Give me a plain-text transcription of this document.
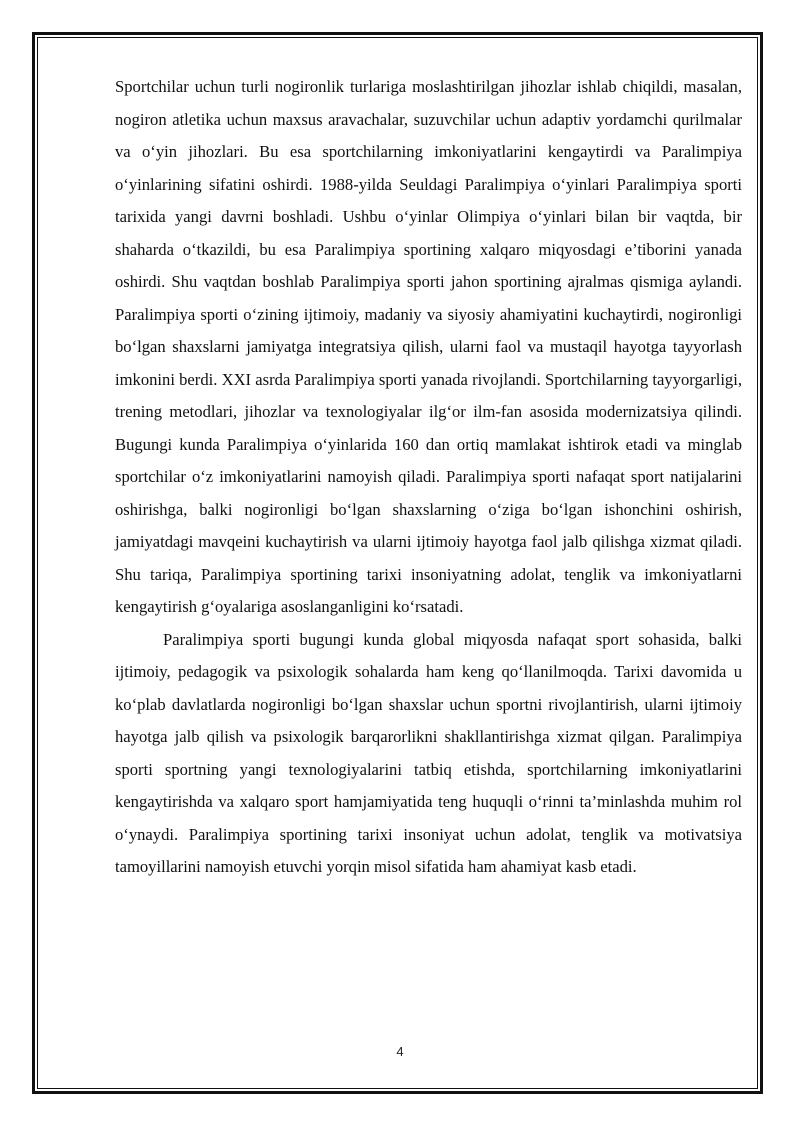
Sportchilar uchun turli nogironlik turlariga moslashtirilgan jihozlar ishlab chiqildi, masalan, nogiron atletika uchun maxsus aravachalar, suzuvchilar uchun adaptiv yordamchi qurilmalar va o‘yin jihozlari. Bu esa sportchilarning imkoniyatlarini kengaytirdi va Paralimpiya o‘yinlarining sifatini oshirdi. 1988-yilda Seuldagi Paralimpiya o‘yinlari Paralimpiya sporti tarixida yangi davrni boshladi. Ushbu o‘yinlar Olimpiya o‘yinlari bilan bir vaqtda, bir shaharda o‘tkazildi, bu esa Paralimpiya sportining xalqaro miqyosdagi e’tiborini yanada oshirdi. Shu vaqtdan boshlab Paralimpiya sporti jahon sportining ajralmas qismiga aylandi. Paralimpiya sporti o‘zining ijtimoiy, madaniy va siyosiy ahamiyatini kuchaytirdi, nogironligi bo‘lgan shaxslarni jamiyatga integratsiya qilish, ularni faol va mustaqil hayotga tayyorlash imkonini berdi. XXI asrda Paralimpiya sporti yanada rivojlandi. Sportchilarning tayyorgarligi, trening metodlari, jihozlar va texnologiyalar ilg‘or ilm-fan asosida modernizatsiya qilindi. Bugungi kunda Paralimpiya o‘yinlarida 160 dan ortiq mamlakat ishtirok etadi va minglab sportchilar o‘z imkoniyatlarini namoyish qiladi. Paralimpiya sporti nafaqat sport natijalarini oshirishga, balki nogironligi bo‘lgan shaxslarning o‘ziga bo‘lgan ishonchini oshirish, jamiyatdagi mavqeini kuchaytirish va ularni ijtimoiy hayotga faol jalb qilishga xizmat qiladi. Shu tariqa, Paralimpiya sportining tarixi insoniyatning adolat, tenglik va imkoniyatlarni kengaytirish g‘oyalariga asoslanganligini ko‘rsatadi.

Paralimpiya sporti bugungi kunda global miqyosda nafaqat sport sohasida, balki ijtimoiy, pedagogik va psixologik sohalarda ham keng qo‘llanilmoqda. Tarixi davomida u ko‘plab davlatlarda nogironligi bo‘lgan shaxslar uchun sportni rivojlantirish, ularni ijtimoiy hayotga jalb qilish va psixologik barqarorlikni shakllantirishga xizmat qilgan. Paralimpiya sporti sportning yangi texnologiyalarini tatbiq etishda, sportchilarning imkoniyatlarini kengaytirishda va xalqaro sport hamjamiyatida teng huquqli o‘rinni ta’minlashda muhim rol o‘ynaydi. Paralimpiya sportining tarixi insoniyat uchun adolat, tenglik va motivatsiya tamoyillarini namoyish etuvchi yorqin misol sifatida ham ahamiyat kasb etadi.

4
